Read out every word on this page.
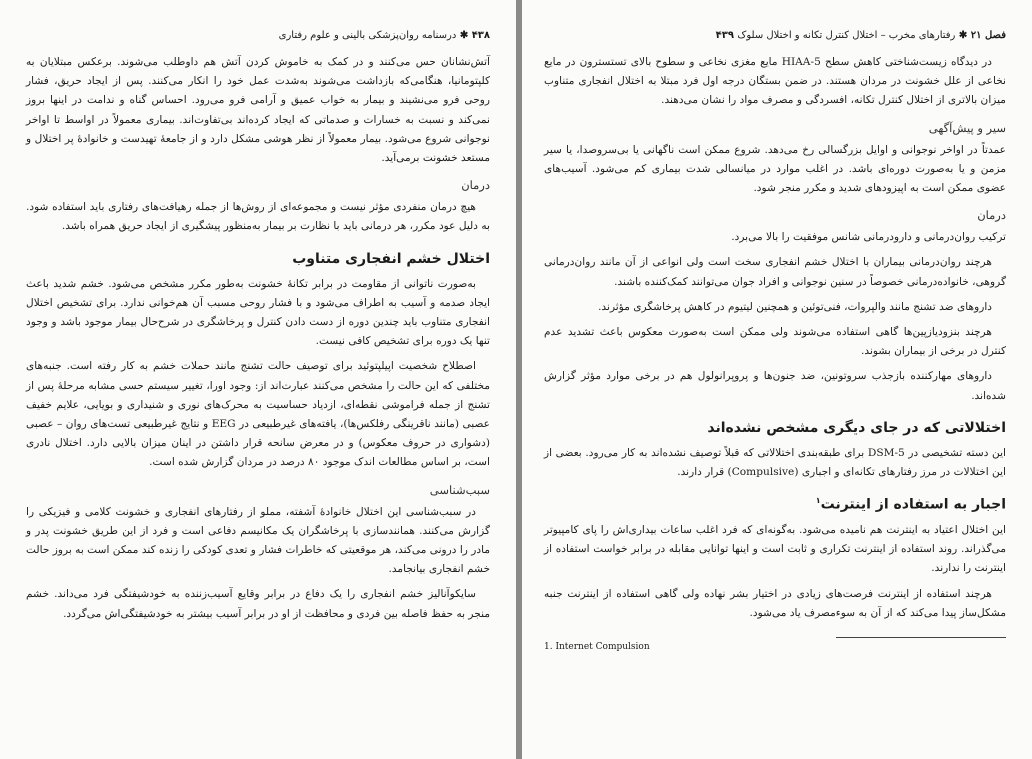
۴۳۸ ✱ درسنامه روان‌پزشکی بالینی و علوم رفتاری

آتش‌نشانان حس می‌کنند و در کمک به خاموش کردن آتش هم داوطلب می‌شوند. برعکس مبتلایان به کلپتومانیا، هنگامی‌که بازداشت می‌شوند به‌شدت عمل خود را انکار می‌کنند. پس از ایجاد حریق، فشار روحی فرو می‌نشیند و بیمار به خواب عمیق و آرامی فرو می‌رود. احساس گناه و ندامت در اینها بروز نمی‌کند و نسبت به خسارات و صدماتی که ایجاد کرده‌اند بی‌تفاوت‌اند. بیماری معمولاً در اواسط تا اواخر نوجوانی شروع می‌شود. بیمار معمولاً از نظر هوشی مشکل دارد و از جامعهٔ تهیدست و خانوادهٔ پر اختلال و مستعد خشونت برمی‌آید.

درمان

هیچ درمان منفردی مؤثر نیست و مجموعه‌ای از روش‌ها از جمله رهیافت‌های رفتاری باید استفاده شود. به دلیل عود مکرر، هر درمانی باید با نظارت بر بیمار به‌منظور پیشگیری از ایجاد حریق همراه باشد.

اختلال خشم انفجاری متناوب

به‌صورت ناتوانی از مقاومت در برابر تکانهٔ خشونت به‌طور مکرر مشخص می‌شود. خشم شدید باعث ایجاد صدمه و آسیب به اطراف می‌شود و با فشار روحی مسبب آن هم‌خوانی ندارد. برای تشخیص اختلال انفجاری متناوب باید چندین دوره از دست دادن کنترل و پرخاشگری در شرح‌حال بیمار موجود باشد و وجود تنها یک دوره برای تشخیص کافی نیست.

اصطلاح شخصیت اپیلپتوئید برای توصیف حالت تشنج مانند حملات خشم به کار رفته است. جنبه‌های مختلفی که این حالت را مشخص می‌کنند عبارت‌اند از: وجود اورا، تغییر سیستم حسی مشابه مرحلهٔ پس از تشنج از جمله فراموشی نقطه‌ای، ازدیاد حساسیت به محرک‌های نوری و شنیداری و بویایی، علایم خفیف عصبی (مانند ناقرینگی رفلکس‌ها)، یافته‌های غیرطبیعی در EEG و نتایج غیرطبیعی تست‌های روان – عصبی (دشواری در حروف معکوس) و در معرض سانحه قرار داشتن در اینان میزان بالایی دارد. اختلال نادری است، بر اساس مطالعات اندک موجود ۸۰ درصد در مردان گزارش شده است.

سبب‌شناسی

در سبب‌شناسی این اختلال خانوادهٔ آشفته، مملو از رفتارهای انفجاری و خشونت کلامی و فیزیکی را گزارش می‌کنند. همانندسازی با پرخاشگران یک مکانیسم دفاعی است و فرد از این طریق خشونت پدر و مادر را درونی می‌کند، هر موقعیتی که خاطرات فشار و تعدی کودکی را زنده کند ممکن است به بروز حالت خشم انفجاری بیانجامد.

سایکوآنالیز خشم انفجاری را یک دفاع در برابر وقایع آسیب‌زننده به خودشیفتگی فرد می‌داند. خشم منجر به حفظ فاصله بین فردی و محافظت از او در برابر آسیب بیشتر به خودشیفتگی‌اش می‌گردد.

فصل ۲۱ ✱ رفتارهای مخرب – اختلال کنترل تکانه و اختلال سلوک ۴۳۹

در دیدگاه زیست‌شناختی کاهش سطح 5-HIAA مایع مغزی نخاعی و سطوح بالای تستسترون در مایع نخاعی از علل خشونت در مردان هستند. در ضمن بستگان درجه اول فرد مبتلا به اختلال انفجاری متناوب میزان بالاتری از اختلال کنترل تکانه، افسردگی و مصرف مواد را نشان می‌دهند.

سیر و پیش‌آگهی

عمدتاً در اواخر نوجوانی و اوایل بزرگسالی رخ می‌دهد. شروع ممکن است ناگهانی یا بی‌سروصدا، یا سیر مزمن و یا به‌صورت دوره‌ای باشد. در اغلب موارد در میانسالی شدت بیماری کم می‌شود. آسیب‌های عضوی ممکن است به اپیزودهای شدید و مکرر منجر شود.

درمان

ترکیب روان‌درمانی و دارودرمانی شانس موفقیت را بالا می‌برد.

هرچند روان‌درمانی بیماران با اختلال خشم انفجاری سخت است ولی انواعی از آن مانند روان‌درمانی گروهی، خانواده‌درمانی خصوصاً در سنین نوجوانی و افراد جوان می‌توانند کمک‌کننده باشند.

داروهای ضد تشنج مانند والپروات، فنی‌توئین و همچنین لیتیوم در کاهش پرخاشگری مؤثرند.

هرچند بنزودیازپین‌ها گاهی استفاده می‌شوند ولی ممکن است به‌صورت معکوس باعث تشدید عدم کنترل در برخی از بیماران بشوند.

داروهای مهارکننده بازجذب سروتونین، ضد جنون‌ها و پروپرانولول هم در برخی موارد مؤثر گزارش شده‌اند.

اختلالاتی که در جای دیگری مشخص نشده‌اند

این دسته تشخیصی در DSM-5 برای طبقه‌بندی اختلالاتی که قبلاً توصیف نشده‌اند به کار می‌رود. بعضی از این اختلالات در مرز رفتارهای تکانه‌ای و اجباری (Compulsive) قرار دارند.

اجبار به استفاده از اینترنت$^۱$

این اختلال اعتیاد به اینترنت هم نامیده می‌شود. به‌گونه‌ای که فرد اغلب ساعات بیداری‌اش را پای کامپیوتر می‌گذراند. روند استفاده از اینترنت تکراری و ثابت است و اینها توانایی مقابله در برابر خواست استفاده از اینترنت را ندارند.

هرچند استفاده از اینترنت فرصت‌های زیادی در اختیار بشر نهاده ولی گاهی استفاده از اینترنت جنبه مشکل‌ساز پیدا می‌کند که از آن به سوء‌مصرف یاد می‌شود.

1. Internet Compulsion
